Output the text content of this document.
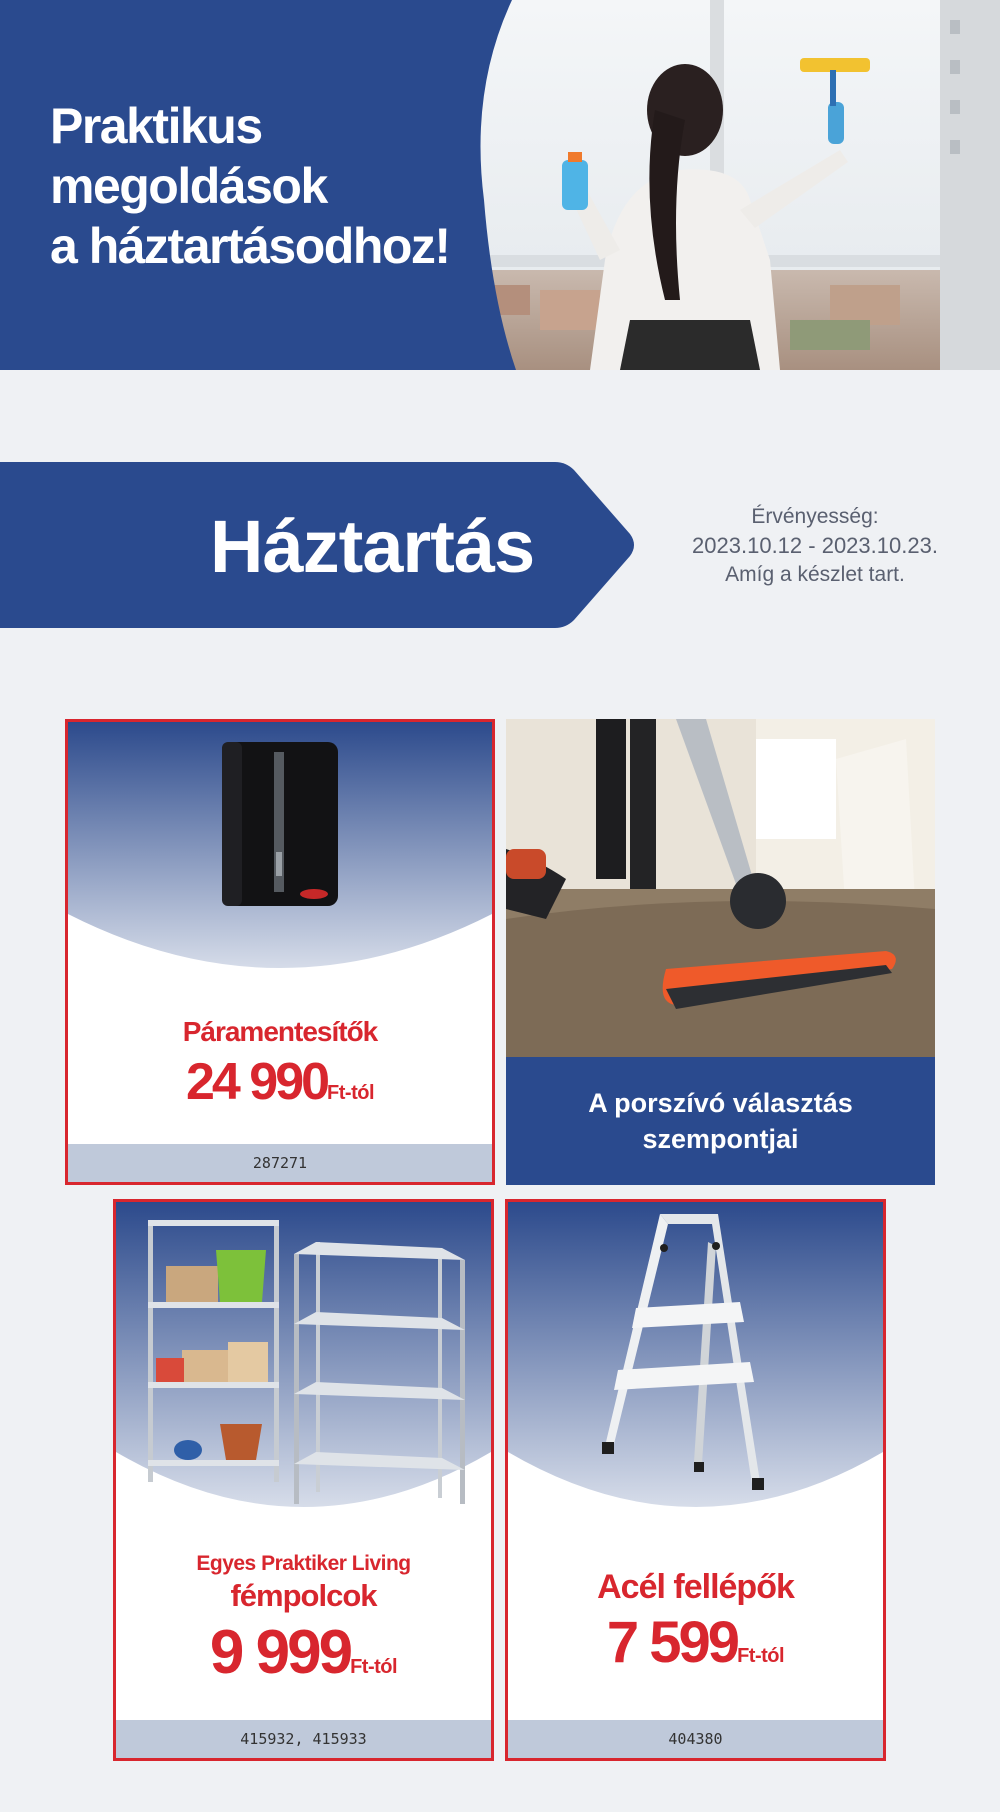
Praktikus
megoldások
a háztartásodhoz!
Háztartás	Érvényesség:
2023.10.12 - 2023.10.23.
Amíg a készlet tart.
Páramentesítők
24 990Ft-tól
287271

A porszívó választás
szempontjai

Egyes Praktiker Living
fémpolcok
9 999Ft-tól
415932, 415933
Acél fellépők
7 599Ft-tól
404380
